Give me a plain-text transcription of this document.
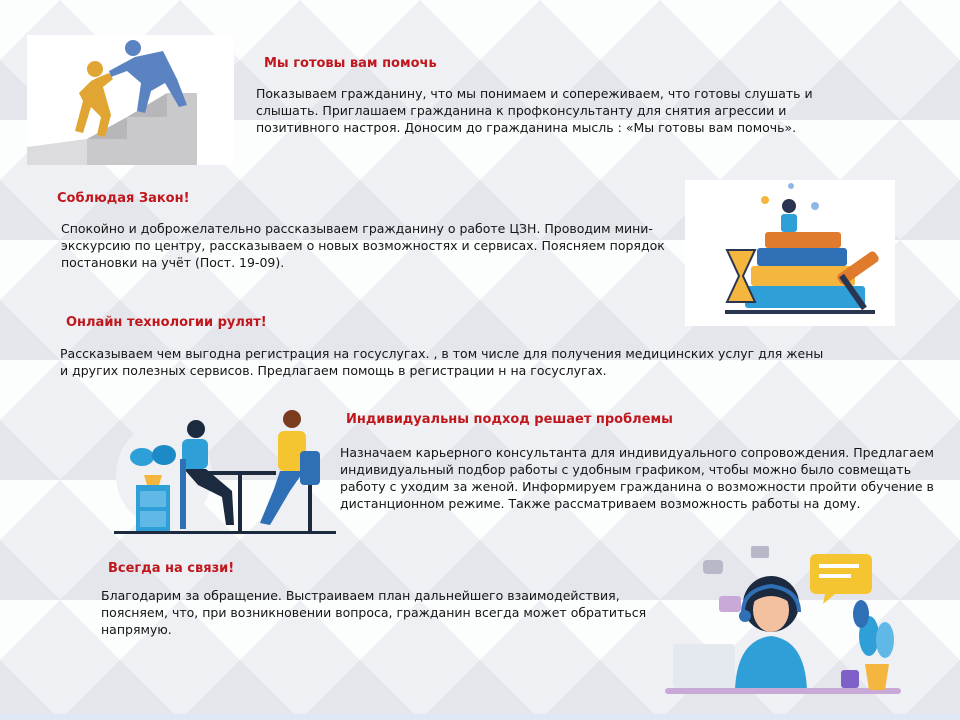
Мы готовы вам помочь
Показываем гражданину, что мы понимаем и сопереживаем, что готовы слушать и слышать. Приглашаем гражданина к профконсультанту для снятия агрессии и позитивного настроя. Доносим до гражданина мысль : «Мы готовы вам помочь».
Соблюдая Закон!
Спокойно и доброжелательно рассказываем гражданину о работе ЦЗН. Проводим мини-экскурсию по центру, рассказываем о новых возможностях и сервисах. Поясняем порядок постановки на учёт (Пост. 19-09).
Онлайн технологии рулят!
Рассказываем чем выгодна регистрация на госуслугах. , в том числе для получения медицинских услуг для жены и других полезных сервисов. Предлагаем помощь в регистрации н на госуслугах.
Индивидуальны подход решает проблемы
Назначаем карьерного консультанта для индивидуального сопровождения. Предлагаем индивидуальный подбор работы с удобным графиком, чтобы можно было совмещать работу с уходим за женой. Информируем гражданина о возможности пройти обучение в дистанционном режиме. Также рассматриваем возможность работы на дому.
Всегда на связи!
Благодарим за обращение. Выстраиваем план дальнейшего взаимодействия, поясняем, что, при возникновении вопроса, гражданин всегда может обратиться напрямую.
